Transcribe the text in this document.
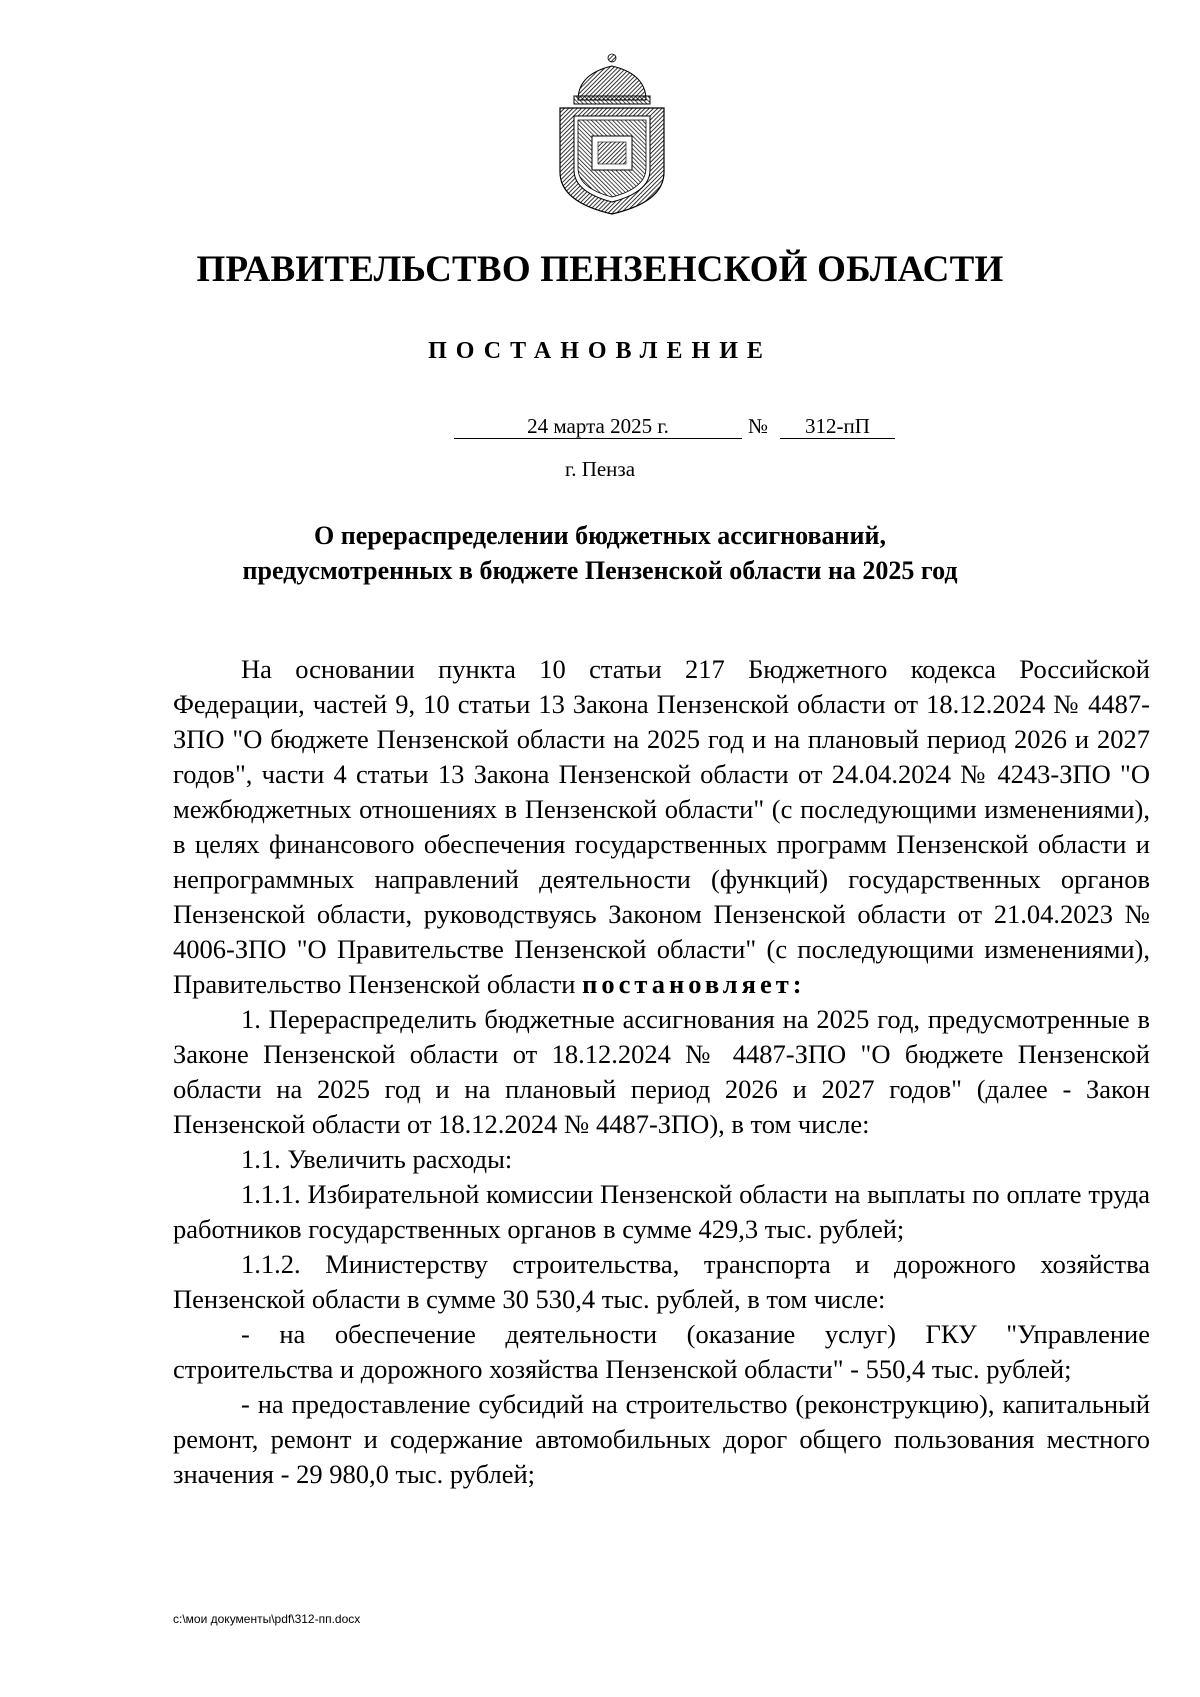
ПРАВИТЕЛЬСТВО ПЕНЗЕНСКОЙ ОБЛАСТИ
ПОСТАНОВЛЕНИЕ
24 марта 2025 г.	№	312-пП
г. Пенза
О перераспределении бюджетных ассигнований,
предусмотренных в бюджете Пензенской области на 2025 год

На основании пункта 10 статьи 217 Бюджетного кодекса Российской Федерации, частей 9, 10 статьи 13 Закона Пензенской области от 18.12.2024 № 4487-ЗПО "О бюджете Пензенской области на 2025 год и на плановый период 2026 и 2027 годов", части 4 статьи 13 Закона Пензенской области от 24.04.2024 № 4243-ЗПО "О межбюджетных отношениях в Пензенской области" (с последующими изменениями), в целях финансового обеспечения государственных программ Пензенской области и непрограммных направлений деятельности (функций) государственных органов Пензенской области, руководствуясь Законом Пензенской области от 21.04.2023 № 4006-ЗПО "О Правительстве Пензенской области" (с последующими изменениями), Правительство Пензенской области постановляет:

1. Перераспределить бюджетные ассигнования на 2025 год, предусмотренные в Законе Пензенской области от 18.12.2024 № 4487-ЗПО "О бюджете Пензенской области на 2025 год и на плановый период 2026 и 2027 годов" (далее - Закон Пензенской области от 18.12.2024 № 4487-ЗПО), в том числе:

1.1. Увеличить расходы:

1.1.1. Избирательной комиссии Пензенской области на выплаты по оплате труда работников государственных органов в сумме 429,3 тыс. рублей;

1.1.2. Министерству строительства, транспорта и дорожного хозяйства Пензенской области в сумме 30 530,4 тыс. рублей, в том числе:

- на обеспечение деятельности (оказание услуг) ГКУ "Управление строительства и дорожного хозяйства Пензенской области" - 550,4 тыс. рублей;

- на предоставление субсидий на строительство (реконструкцию), капитальный ремонт, ремонт и содержание автомобильных дорог общего пользования местного значения - 29 980,0 тыс. рублей;

c:\мои документы\pdf\312-пп.docx
